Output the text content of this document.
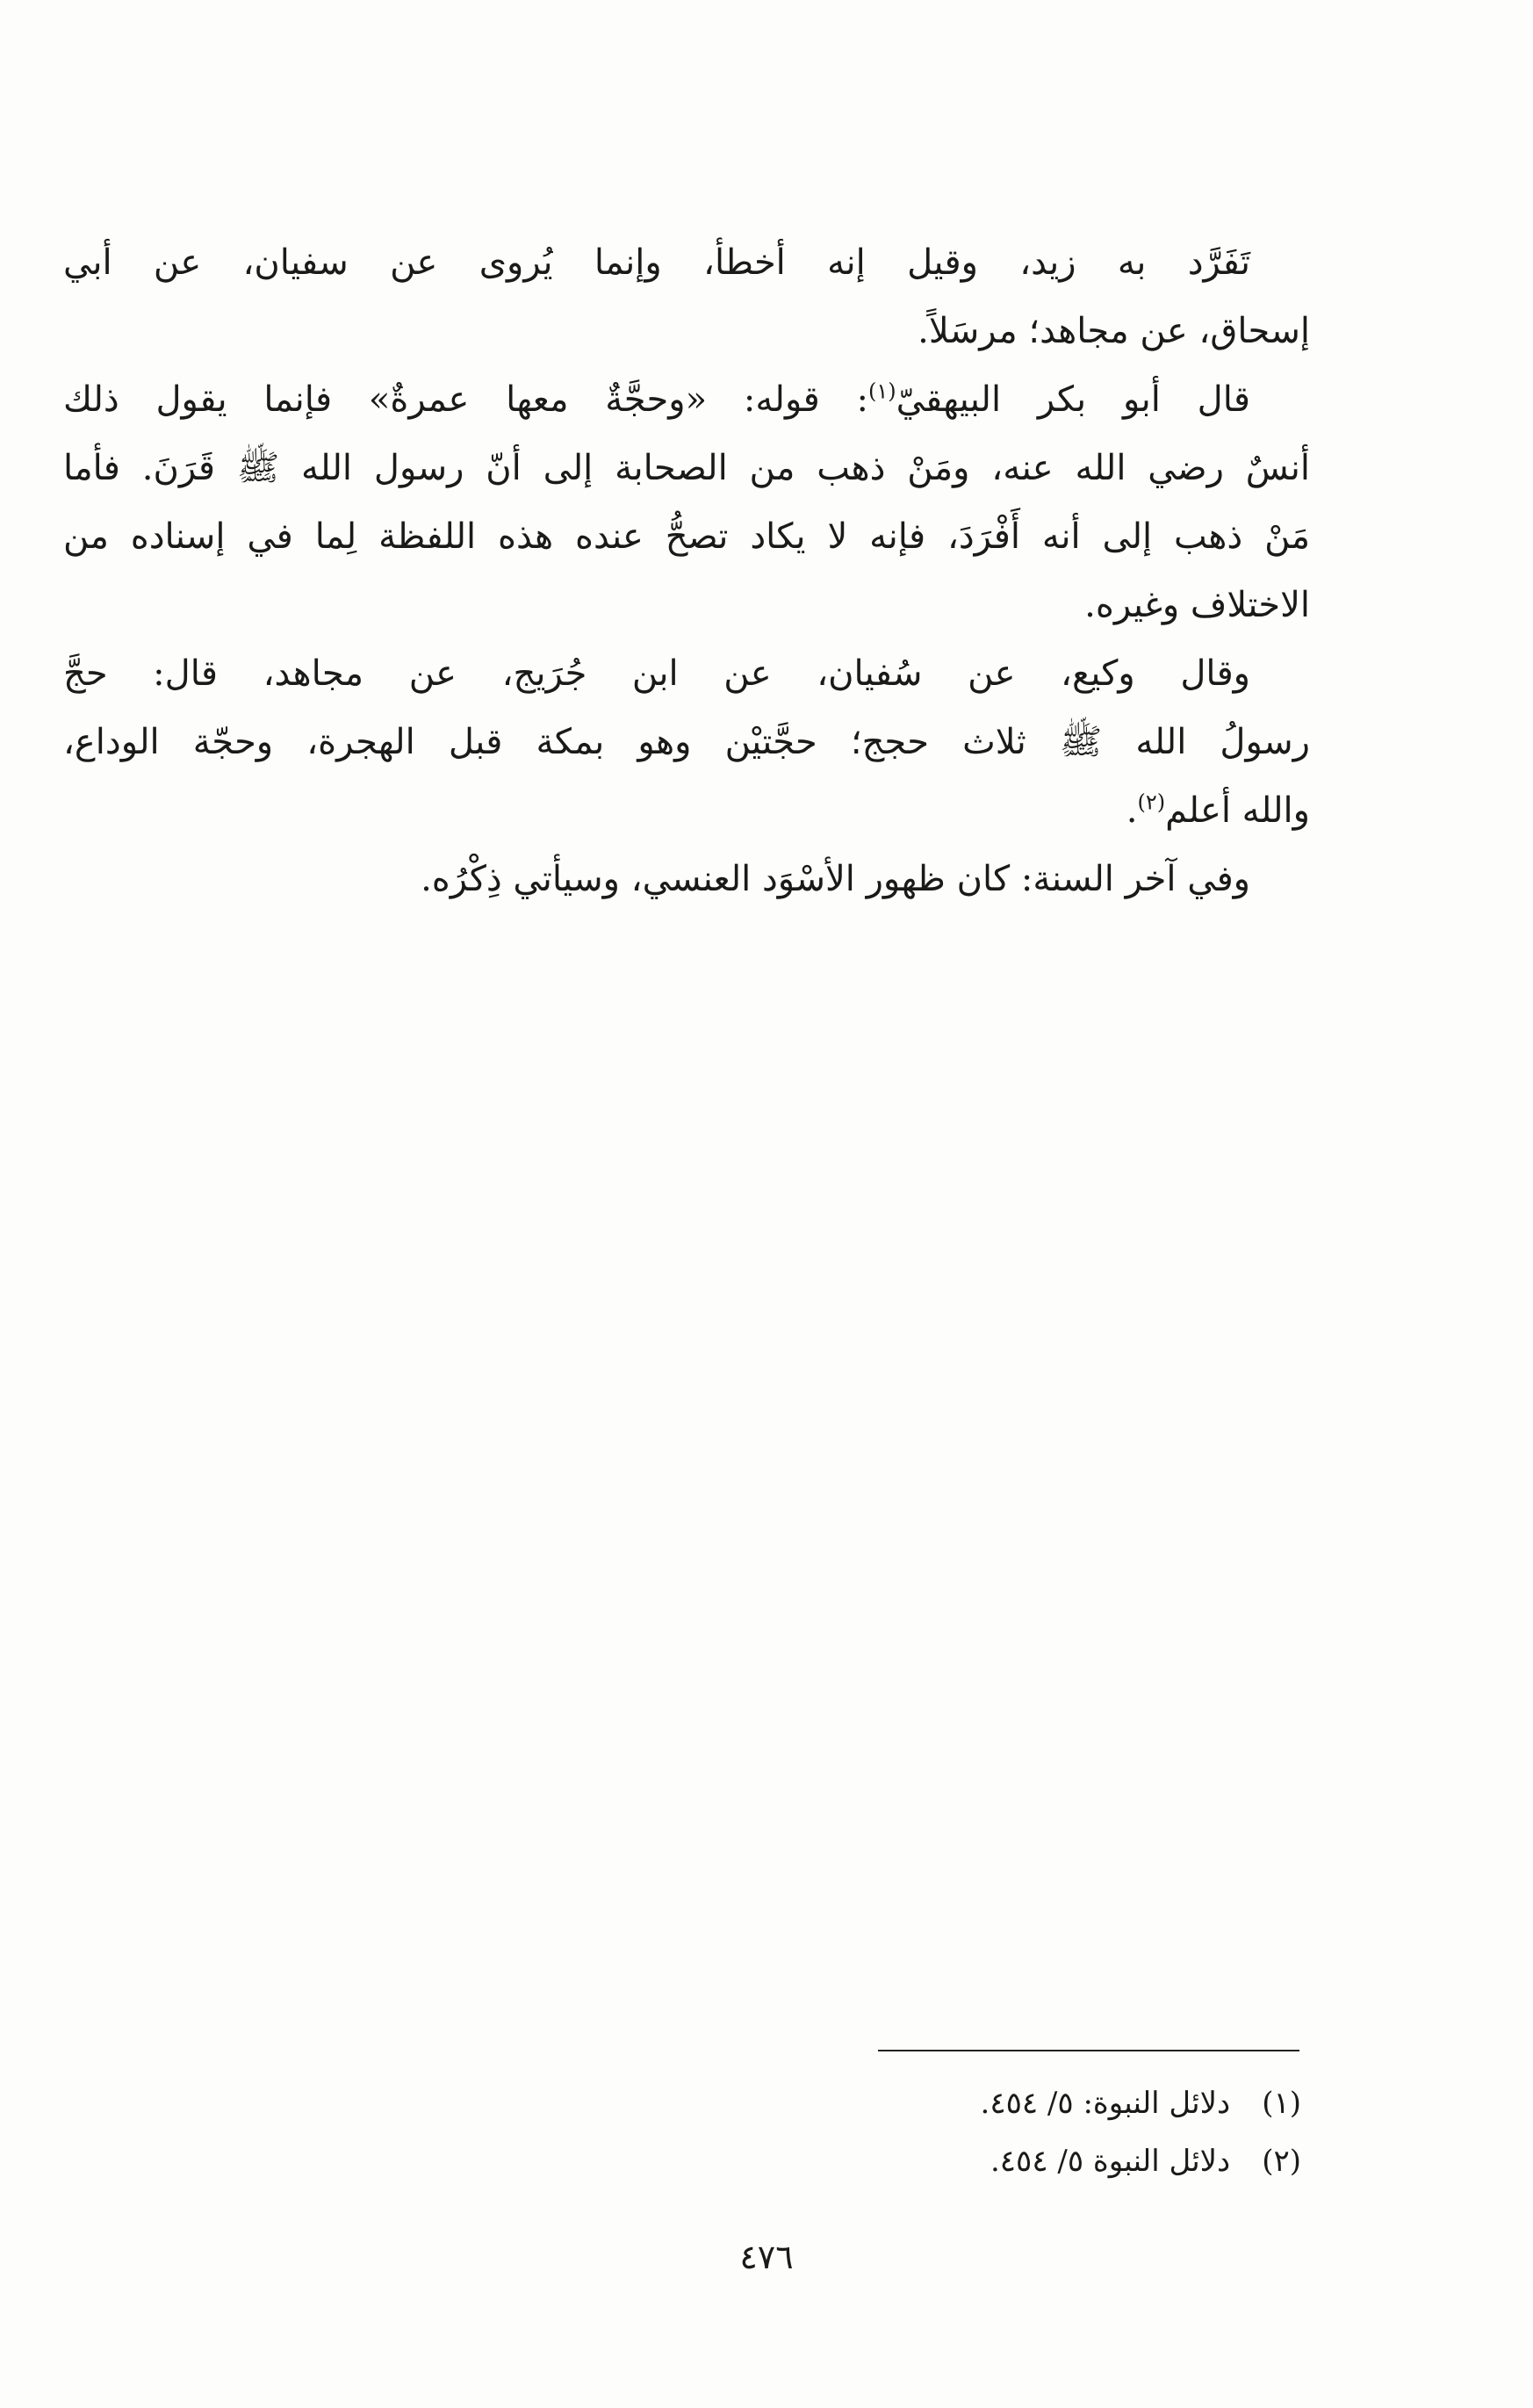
تَفَرَّد به زيد، وقيل إنه أخطأ، وإنما يُروى عن سفيان، عن أبي
إسحاق، عن مجاهد؛ مرسَلاً.

قال أبو بكر البيهقيّ$^{(١)}$: قوله: «وحجَّةٌ معها عمرةٌ» فإنما يقول ذلك
أنسٌ رضي الله عنه، ومَنْ ذهب من الصحابة إلى أنّ رسول الله ﷺ قَرَنَ. فأما
مَنْ ذهب إلى أنه أَفْرَدَ، فإنه لا يكاد تصحُّ عنده هذه اللفظة لِما في إسناده من
الاختلاف وغيره.

وقال وكيع، عن سُفيان، عن ابن جُرَيج، عن مجاهد، قال: حجَّ
رسولُ الله ﷺ ثلاث حجج؛ حجَّتيْن وهو بمكة قبل الهجرة، وحجّة الوداع،
والله أعلم$^{(٢)}$.

وفي آخر السنة: كان ظهور الأسْوَد العنسي، وسيأتي ذِكْرُه.

(١) دلائل النبوة: ٥/ ٤٥٤.
(٢) دلائل النبوة ٥/ ٤٥٤.
٤٧٦
